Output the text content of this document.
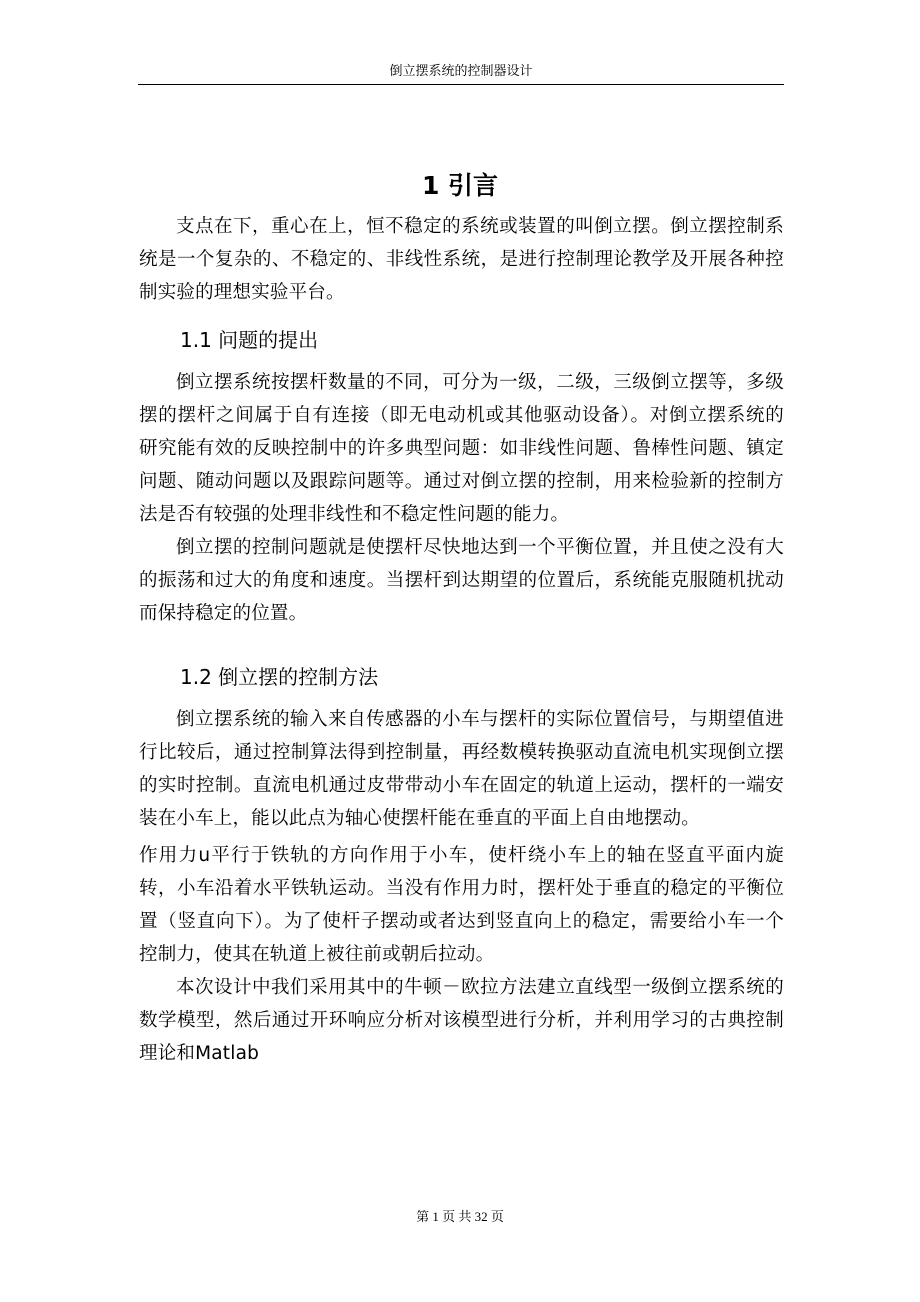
倒立摆系统的控制器设计
1 引言

支点在下，重心在上，恒不稳定的系统或装置的叫倒立摆。倒立摆控制系统是一个复杂的、不稳定的、非线性系统，是进行控制理论教学及开展各种控制实验的理想实验平台。

1.1 问题的提出

倒立摆系统按摆杆数量的不同，可分为一级，二级，三级倒立摆等，多级摆的摆杆之间属于自有连接（即无电动机或其他驱动设备）。对倒立摆系统的研究能有效的反映控制中的许多典型问题：如非线性问题、鲁棒性问题、镇定问题、随动问题以及跟踪问题等。通过对倒立摆的控制，用来检验新的控制方法是否有较强的处理非线性和不稳定性问题的能力。

倒立摆的控制问题就是使摆杆尽快地达到一个平衡位置，并且使之没有大的振荡和过大的角度和速度。当摆杆到达期望的位置后，系统能克服随机扰动而保持稳定的位置。

1.2 倒立摆的控制方法

倒立摆系统的输入来自传感器的小车与摆杆的实际位置信号，与期望值进行比较后，通过控制算法得到控制量，再经数模转换驱动直流电机实现倒立摆的实时控制。直流电机通过皮带带动小车在固定的轨道上运动，摆杆的一端安装在小车上，能以此点为轴心使摆杆能在垂直的平面上自由地摆动。

作用力u平行于铁轨的方向作用于小车，使杆绕小车上的轴在竖直平面内旋转，小车沿着水平铁轨运动。当没有作用力时，摆杆处于垂直的稳定的平衡位置（竖直向下）。为了使杆子摆动或者达到竖直向上的稳定，需要给小车一个控制力，使其在轨道上被往前或朝后拉动。

本次设计中我们采用其中的牛顿－欧拉方法建立直线型一级倒立摆系统的数学模型，然后通过开环响应分析对该模型进行分析，并利用学习的古典控制理论和Matlab

第 1 页 共 32 页
